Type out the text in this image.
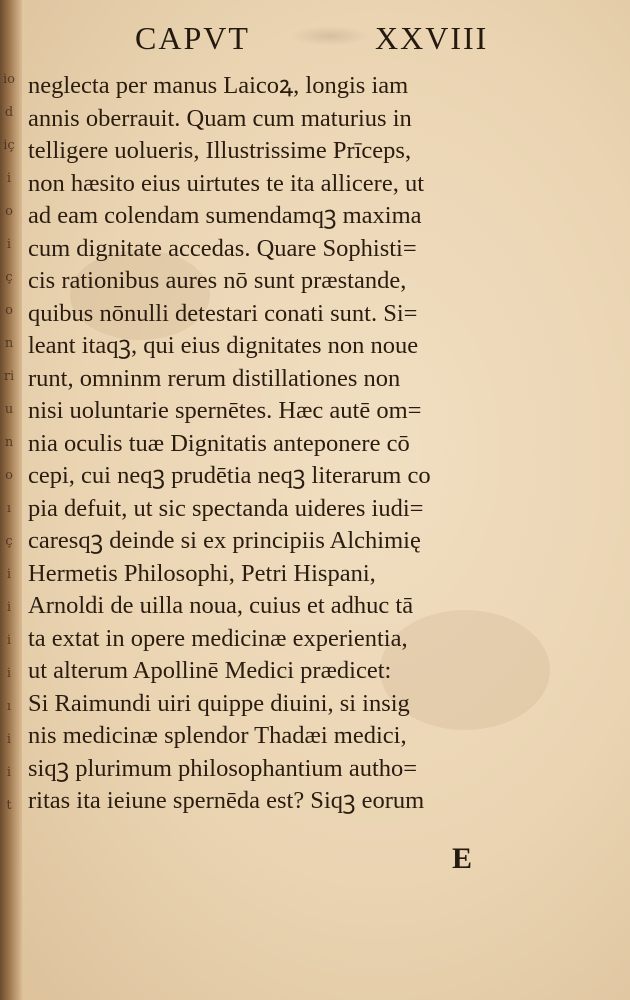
io
d
iç
i
o
i
ç
o
n
ri
u
n
o
ı
ç
i
i
i
i
ı
i
i
t
CAPVT	XXVIII
neglecta per manus Laicoꝝ, longis iam
annis oberrauit. Quam cum maturius in
telligere uolueris, Illustrissime Prīceps,
non hæsito eius uirtutes te ita allicere, ut
ad eam colendam sumendamqꝫ maxima
cum dignitate accedas. Quare Sophisti=
cis rationibus aures nō sunt præstande,
quibus nōnulli detestari conati sunt. Si=
leant itaqꝫ, qui eius dignitates non noue
runt, omninm rerum distillationes non
nisi uoluntarie spernētes. Hæc autē om=
nia oculis tuæ Dignitatis anteponere cō
cepi, cui neqꝫ prudētia neqꝫ literarum co
pia defuit, ut sic spectanda uideres iudi=
caresqꝫ deinde si ex principiis Alchimię
Hermetis Philosophi, Petri Hispani,
Arnoldi de uilla noua, cuius et adhuc tā
ta extat in opere medicinæ experientia,
ut alterum Apollinē Medici prædicet:
Si Raimundi uiri quippe diuini, si insig
nis medicinæ splendor Thadæi medici,
siqꝫ plurimum philosophantium autho=
ritas ita ieiune spernēda est? Siqꝫ eorum
E
